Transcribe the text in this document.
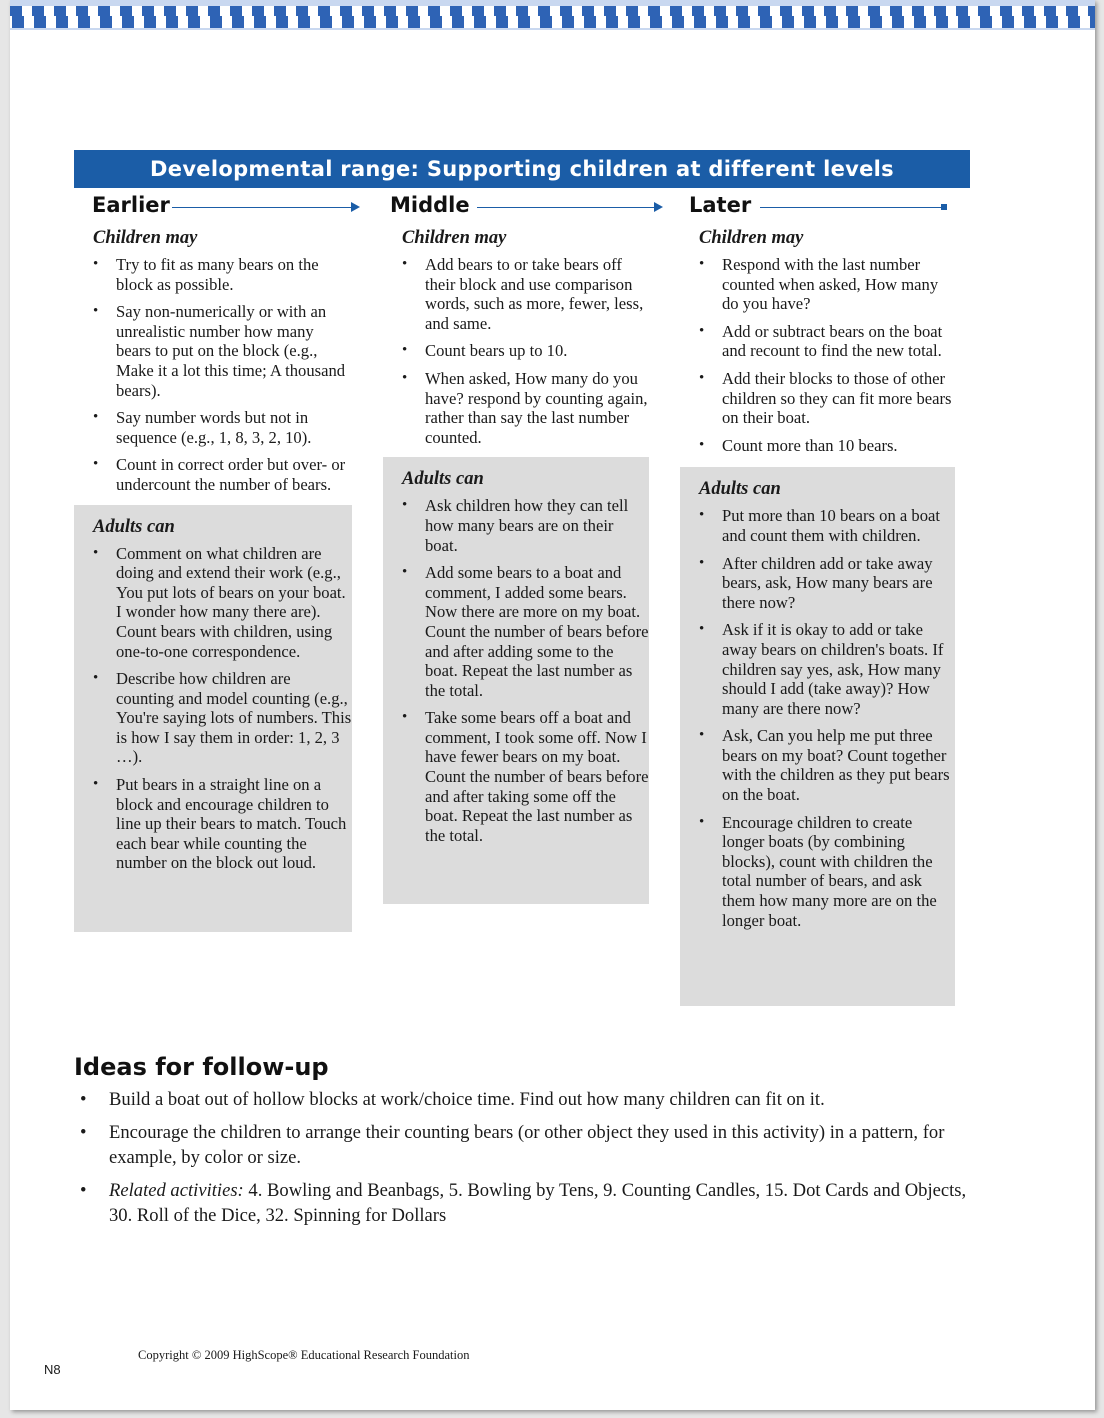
Developmental range: Supporting children at different levels
Earlier	Middle	Later
Children may
• Try to fit as many bears on the block as possible.
• Say non-numerically or with an unrealistic number how many bears to put on the block (e.g., Make it a lot this time; A thousand bears).
• Say number words but not in sequence (e.g., 1, 8, 3, 2, 10).
• Count in correct order but over- or undercount the number of bears.
Adults can
• Comment on what children are doing and extend their work (e.g., You put lots of bears on your boat. I wonder how many there are). Count bears with children, using one-to-one correspondence.
• Describe how children are counting and model counting (e.g., You're saying lots of numbers. This is how I say them in order: 1, 2, 3 …).
• Put bears in a straight line on a block and encourage children to line up their bears to match. Touch each bear while counting the number on the block out loud.
Children may
• Add bears to or take bears off their block and use comparison words, such as more, fewer, less, and same.
• Count bears up to 10.
• When asked, How many do you have? respond by counting again, rather than say the last number counted.
Adults can
• Ask children how they can tell how many bears are on their boat.
• Add some bears to a boat and comment, I added some bears. Now there are more on my boat. Count the number of bears before and after adding some to the boat. Repeat the last number as the total.
• Take some bears off a boat and comment, I took some off. Now I have fewer bears on my boat. Count the number of bears before and after taking some off the boat. Repeat the last number as the total.
Children may
• Respond with the last number counted when asked, How many do you have?
• Add or subtract bears on the boat and recount to find the new total.
• Add their blocks to those of other children so they can fit more bears on their boat.
• Count more than 10 bears.
Adults can
• Put more than 10 bears on a boat and count them with children.
• After children add or take away bears, ask, How many bears are there now?
• Ask if it is okay to add or take away bears on children's boats. If children say yes, ask, How many should I add (take away)? How many are there now?
• Ask, Can you help me put three bears on my boat? Count together with the children as they put bears on the boat.
• Encourage children to create longer boats (by combining blocks), count with children the total number of bears, and ask them how many more are on the longer boat.
Ideas for follow-up
• Build a boat out of hollow blocks at work/choice time. Find out how many children can fit on it.
• Encourage the children to arrange their counting bears (or other object they used in this activity) in a pattern, for example, by color or size.
• Related activities: 4. Bowling and Beanbags, 5. Bowling by Tens, 9. Counting Candles, 15. Dot Cards and Objects, 30. Roll of the Dice, 32. Spinning for Dollars
Copyright © 2009 HighScope® Educational Research Foundation
N8
